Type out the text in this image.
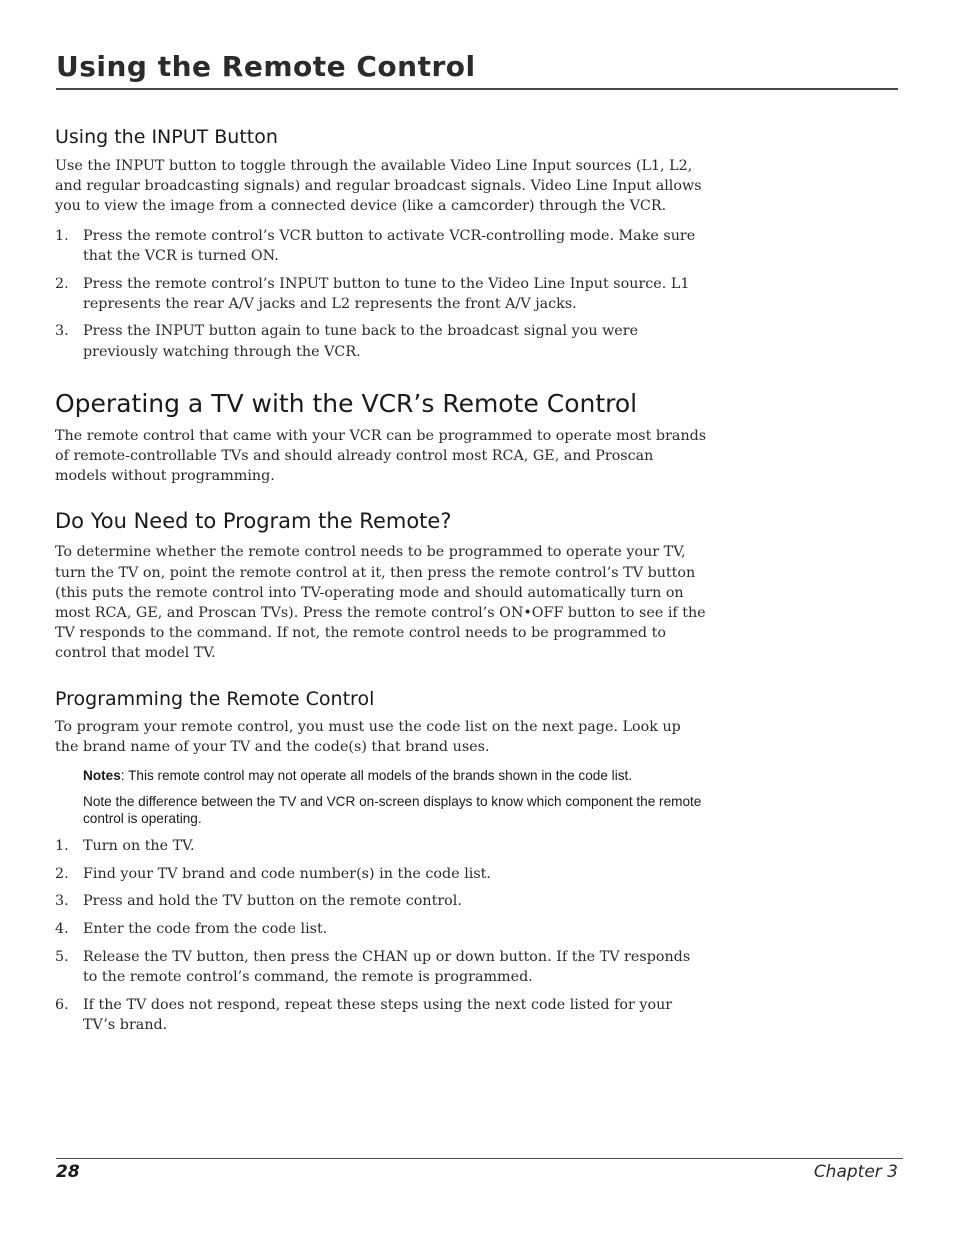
Using the Remote Control
Using the INPUT Button

Use the INPUT button to toggle through the available Video Line Input sources (L1, L2, and regular broadcasting signals) and regular broadcast signals. Video Line Input allows you to view the image from a connected device (like a camcorder) through the VCR.

1. Press the remote control’s VCR button to activate VCR-controlling mode. Make sure that the VCR is turned ON.
2. Press the remote control’s INPUT button to tune to the Video Line Input source. L1 represents the rear A/V jacks and L2 represents the front A/V jacks.
3. Press the INPUT button again to tune back to the broadcast signal you were previously watching through the VCR.
Operating a TV with the VCR’s Remote Control

The remote control that came with your VCR can be programmed to operate most brands of remote-controllable TVs and should already control most RCA, GE, and Proscan models without programming.

Do You Need to Program the Remote?

To determine whether the remote control needs to be programmed to operate your TV, turn the TV on, point the remote control at it, then press the remote control’s TV button (this puts the remote control into TV-operating mode and should automatically turn on most RCA, GE, and Proscan TVs). Press the remote control’s ON•OFF button to see if the TV responds to the command. If not, the remote control needs to be programmed to control that model TV.

Programming the Remote Control

To program your remote control, you must use the code list on the next page. Look up the brand name of your TV and the code(s) that brand uses.

Notes: This remote control may not operate all models of the brands shown in the code list.

Note the difference between the TV and VCR on-screen displays to know which component the remote control is operating.

1. Turn on the TV.
2. Find your TV brand and code number(s) in the code list.
3. Press and hold the TV button on the remote control.
4. Enter the code from the code list.
5. Release the TV button, then press the CHAN up or down button. If the TV responds to the remote control’s command, the remote is programmed.
6. If the TV does not respond, repeat these steps using the next code listed for your TV’s brand.
28	Chapter 3
